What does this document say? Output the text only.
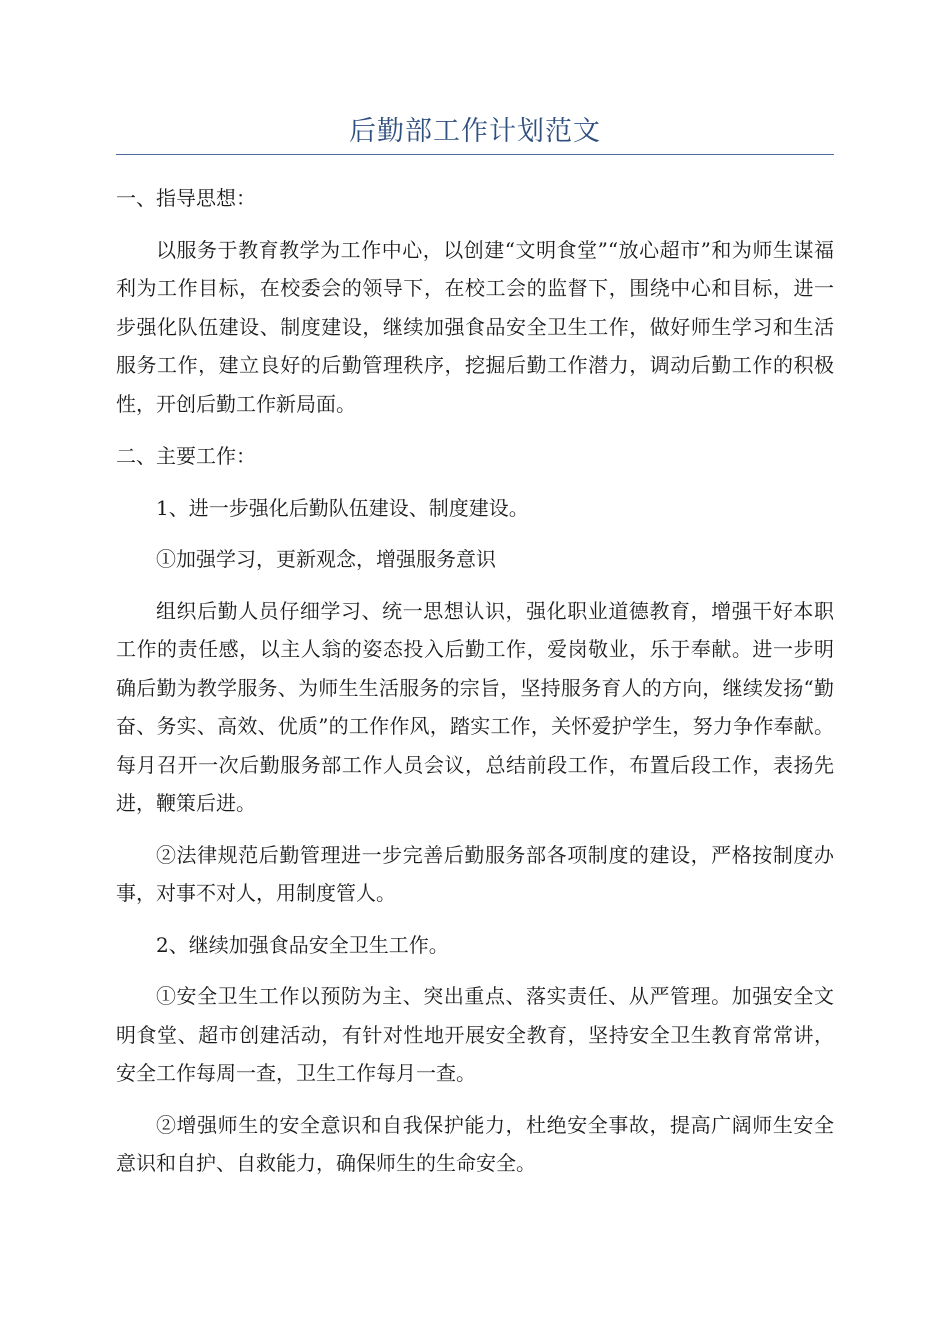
后勤部工作计划范文

一、指导思想：

以服务于教育教学为工作中心，以创建“文明食堂”“放心超市”和为师生谋福利为工作目标，在校委会的领导下，在校工会的监督下，围绕中心和目标，进一步强化队伍建设、制度建设，继续加强食品安全卫生工作，做好师生学习和生活服务工作，建立良好的后勤管理秩序，挖掘后勤工作潜力，调动后勤工作的积极性，开创后勤工作新局面。

二、主要工作：

1、进一步强化后勤队伍建设、制度建设。

①加强学习，更新观念，增强服务意识

组织后勤人员仔细学习、统一思想认识，强化职业道德教育，增强干好本职工作的责任感，以主人翁的姿态投入后勤工作，爱岗敬业，乐于奉献。进一步明确后勤为教学服务、为师生生活服务的宗旨，坚持服务育人的方向，继续发扬“勤奋、务实、高效、优质”的工作作风，踏实工作，关怀爱护学生，努力争作奉献。每月召开一次后勤服务部工作人员会议，总结前段工作，布置后段工作，表扬先进，鞭策后进。

②法律规范后勤管理进一步完善后勤服务部各项制度的建设，严格按制度办事，对事不对人，用制度管人。

2、继续加强食品安全卫生工作。

①安全卫生工作以预防为主、突出重点、落实责任、从严管理。加强安全文明食堂、超市创建活动，有针对性地开展安全教育，坚持安全卫生教育常常讲，安全工作每周一查，卫生工作每月一查。

②增强师生的安全意识和自我保护能力，杜绝安全事故，提高广阔师生安全意识和自护、自救能力，确保师生的生命安全。
